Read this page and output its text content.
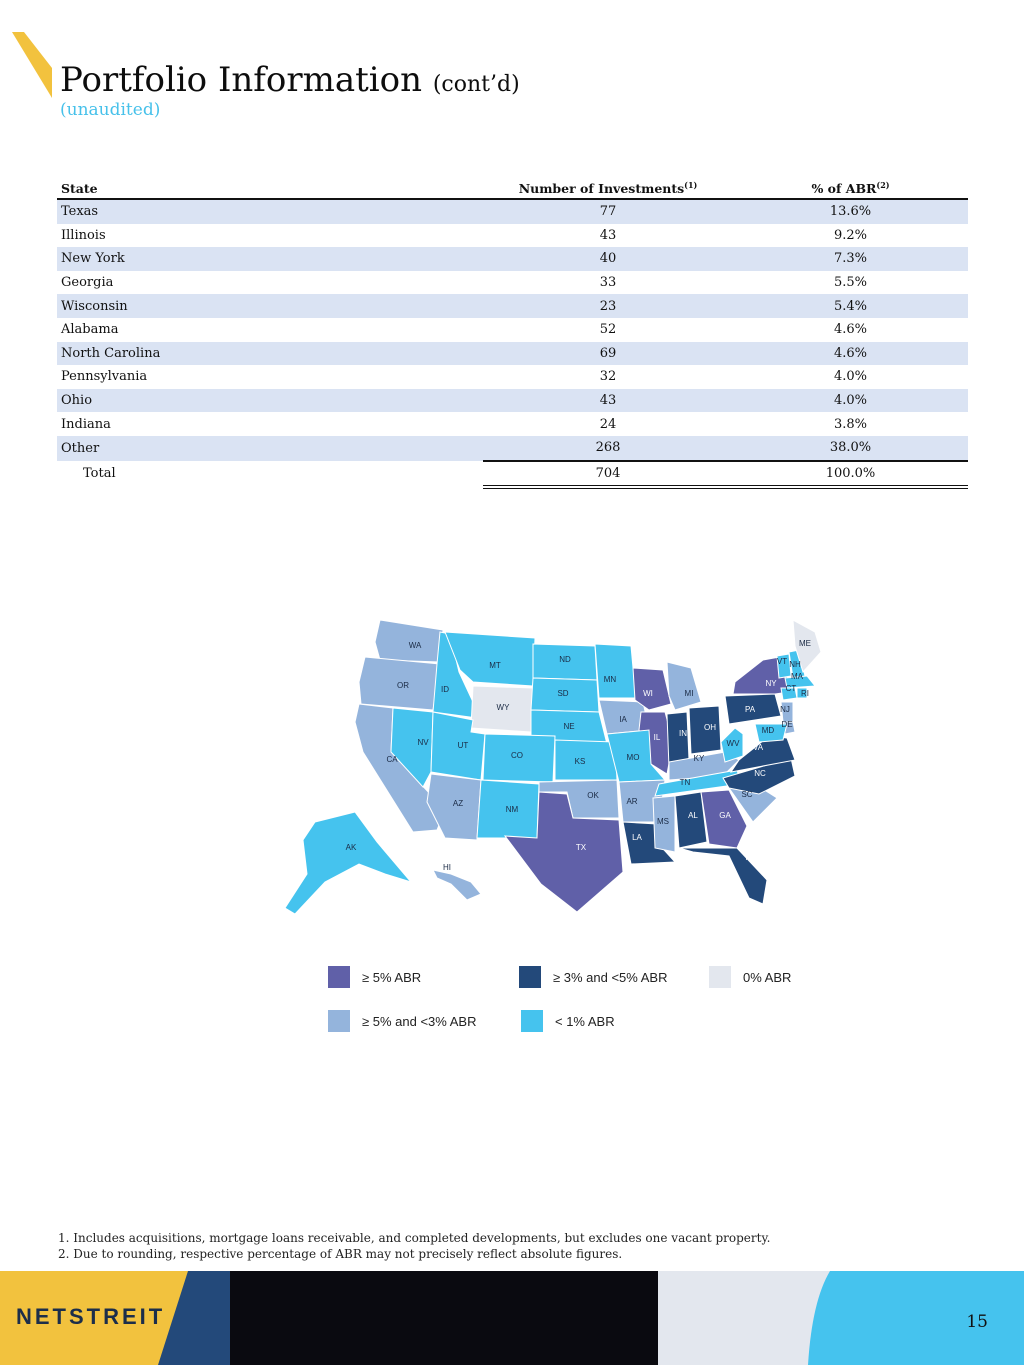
Portfolio Information (cont’d)
(unaudited)
State	Number of Investments$^{(1)}$	% of ABR$^{(2)}$
Texas	77	13.6%
Illinois	43	9.2%
New York	40	7.3%
Georgia	33	5.5%
Wisconsin	23	5.4%
Alabama	52	4.6%
North Carolina	69	4.6%
Pennsylvania	32	4.0%
Ohio	43	4.0%
Indiana	24	3.8%
Other	268	38.0%
Total	704	100.0%
WA
OR
CA
ID
NV
MT
WY
UT
AZ
ND
SD
NE
CO
NM
MN
IA
KS
OK
TX
WI
IL
MO
AR
LA
MI
IN
KY
TN
MS
AL
OH
GA
FL
SC
NC
VA
WV
PA
NY
VT NH
ME
MA
CT
RI
NJ
DE
MD
AK
HI
≥ 5% ABR	≥ 3% and <5% ABR	0% ABR
≥ 5% and <3% ABR	< 1% ABR
1. Includes acquisitions, mortgage loans receivable, and completed developments, but excludes one vacant property.
2. Due to rounding, respective percentage of ABR may not precisely reflect absolute figures.
NETSTREIT	15
